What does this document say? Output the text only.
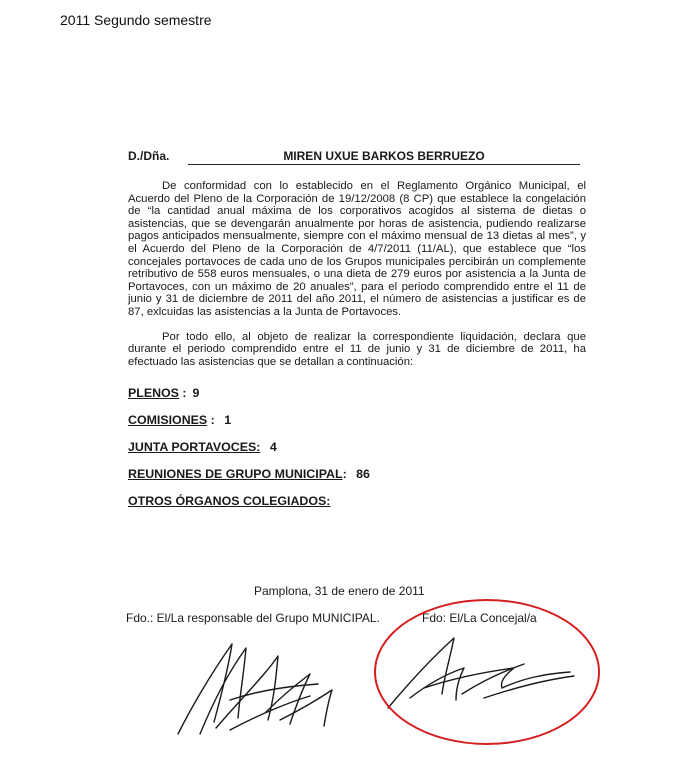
2011 Segundo semestre
D./Dña.	MIREN UXUE BARKOS BERRUEZO
De conformidad con lo establecido en el Reglamento Orgánico Municipal, el Acuerdo del Pleno de la Corporación de 19/12/2008 (8 CP) que establece la congelación de “la cantidad anual máxima de los corporativos acogidos al sistema de dietas o asistencias, que se devengarán anualmente por horas de asistencia, pudiendo realizarse pagos anticipados mensualmente, siempre con el máximo mensual de 13 dietas al mes”, y el Acuerdo del Pleno de la Corporación de 4/7/2011 (11/AL), que establece que “los concejales portavoces de cada uno de los Grupos municipales percibirán un complemente retributivo de 558 euros mensuales, o una dieta de 279 euros por asistencia a la Junta de Portavoces, con un máximo de 20 anuales”, para el periodo comprendido entre el 11 de junio y 31 de diciembre de 2011 del año 2011, el número de asistencias a justificar es de 87, exlcuidas las asistencias a la Junta de Portavoces.
Por todo ello, al objeto de realizar la correspondiente liquidación, declara que durante el periodo comprendido entre el 11 de junio y 31 de diciembre de 2011, ha efectuado las asistencias que se detallan a continuación:
PLENOS : 9
COMISIONES : 1
JUNTA PORTAVOCES: 4
REUNIONES DE GRUPO MUNICIPAL: 86
OTROS ÓRGANOS COLEGIADOS:
Pamplona, 31 de enero de 2011
Fdo.: El/La responsable del Grupo MUNICIPAL.	Fdo: El/La Concejal/a
